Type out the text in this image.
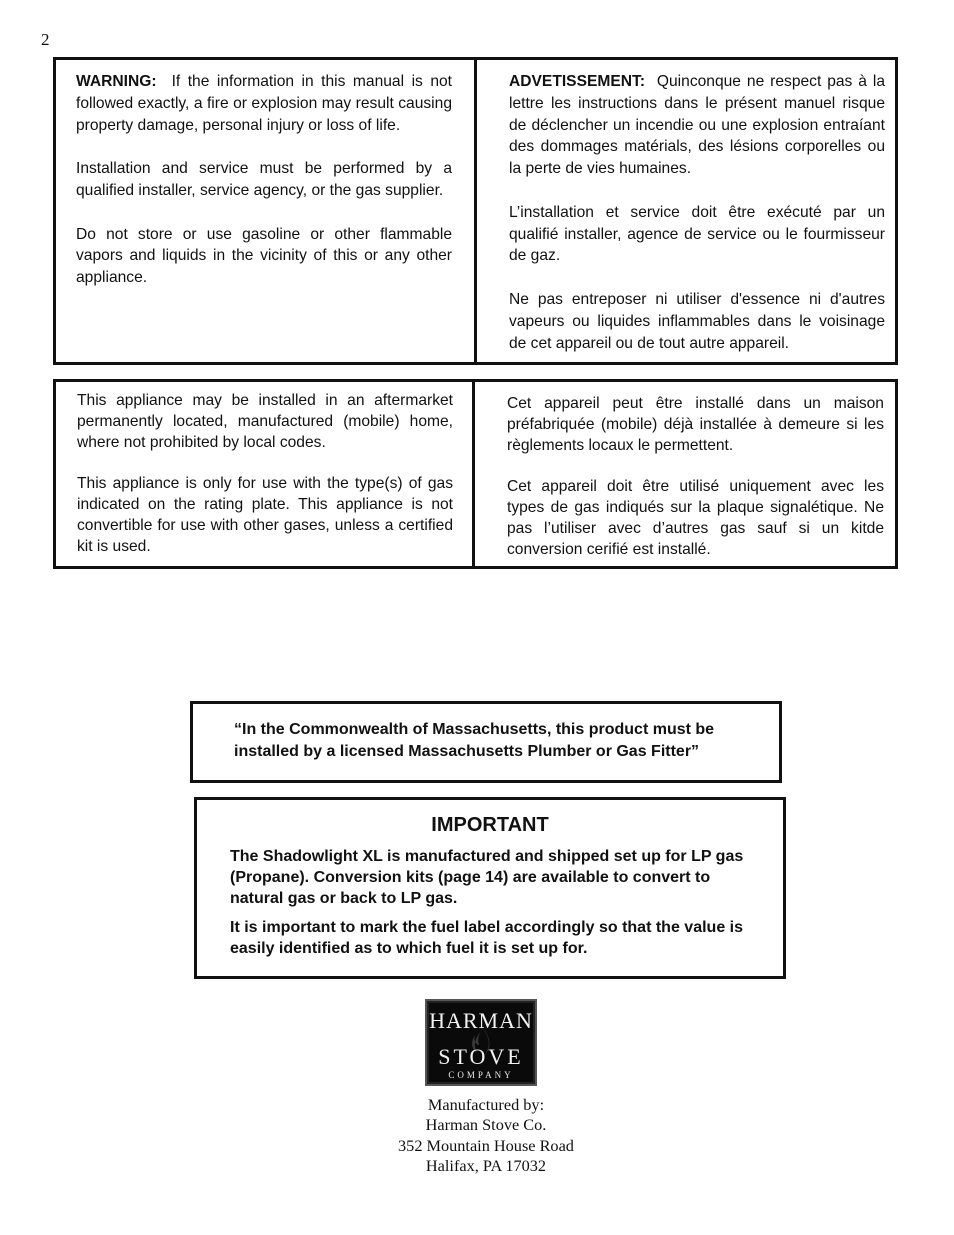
2

WARNING: If the information in this manual is not followed exactly, a fire or explosion may result causing property damage, personal injury or loss of life.

Installation and service must be performed by a qualified installer, service agency, or the gas supplier.

Do not store or use gasoline or other flammable vapors and liquids in the vicinity of this or any other appliance.

ADVETISSEMENT: Quinconque ne respect pas à la lettre les instructions dans le présent manuel risque de déclencher un incendie ou une explosion entraíant des dommages matérials, des lésions corporelles ou la perte de vies humaines.

L’installation et service doit être exécuté par un qualifié installer, agence de service ou le fourmisseur de gaz.

Ne pas entreposer ni utiliser d'essence ni d'autres vapeurs ou liquides inflammables dans le voisinage de cet appareil ou de tout autre appareil.

This appliance may be installed in an aftermarket permanently located, manufactured (mobile) home, where not prohibited by local codes.

This appliance is only for use with the type(s) of gas indicated on the rating plate. This appliance is not convertible for use with other gases, unless a certified kit is used.

Cet appareil peut être installé dans un maison préfabriquée (mobile) déjà installée à demeure si les règlements locaux le permettent.

Cet appareil doit être utilisé uniquement avec les types de gas indiqués sur la plaque signalétique. Ne pas l’utiliser avec d’autres gas sauf si un kitde conversion cerifié est installé.

“In the Commonwealth of Massachusetts, this product must be installed by a licensed Massachusetts Plumber or Gas Fitter”
IMPORTANT

The Shadowlight XL is manufactured and shipped set up for LP gas (Propane). Conversion kits (page 14) are available to convert to natural gas or back to LP gas.

It is important to mark the fuel label accordingly so that the value is easily identified as to which fuel it is set up for.

HARMAN
STOVE
COMPANY
Manufactured by:
Harman Stove Co.
352 Mountain House Road
Halifax, PA 17032
